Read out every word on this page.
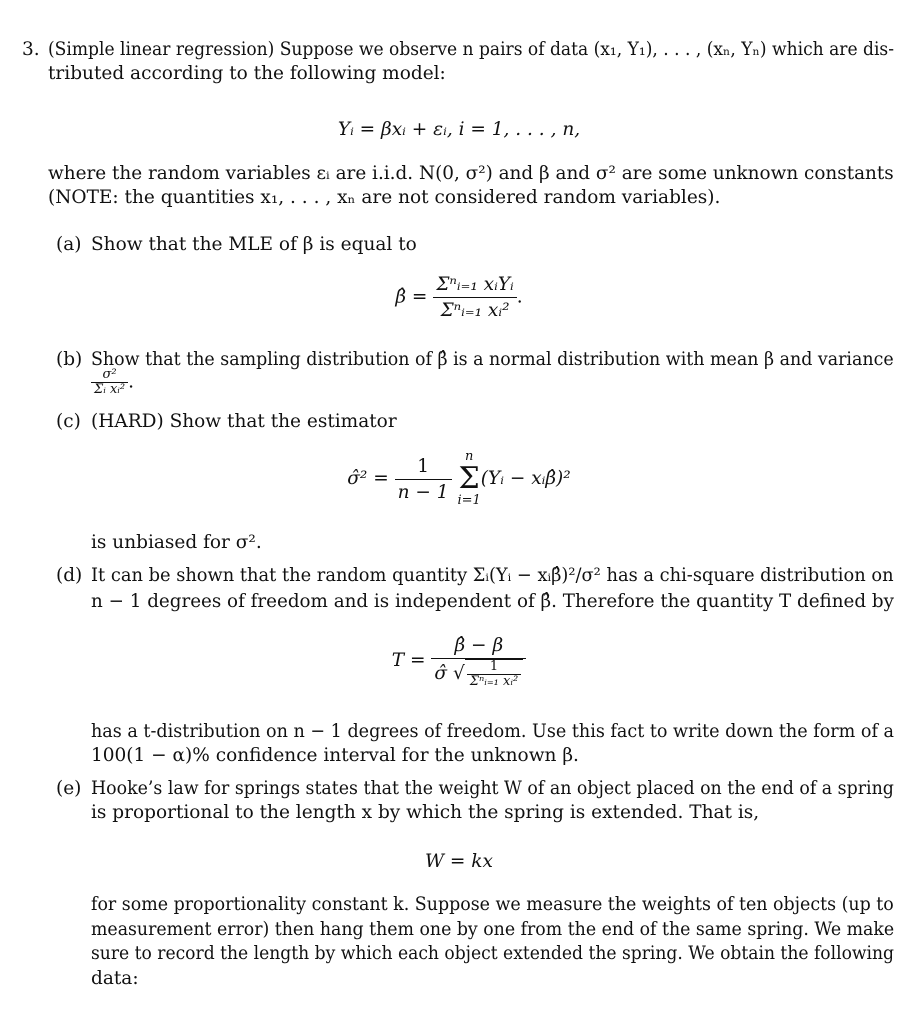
3. (Simple linear regression) Suppose we observe n pairs of data (x₁, Y₁), . . . , (xₙ, Yₙ) which are dis-
tributed according to the following model:
Yᵢ = βxᵢ + εᵢ, i = 1, . . . , n,
where the random variables εᵢ are i.i.d. N(0, σ²) and β and σ² are some unknown constants
(NOTE: the quantities x₁, . . . , xₙ are not considered random variables).
(a) Show that the MLE of β is equal to
β̂ = $\frac{\text{Σⁿᵢ₌₁ xᵢYᵢ}}{\text{Σⁿᵢ₌₁ xᵢ²}}$ .
(b) Show that the sampling distribution of β̂ is a normal distribution with mean β and variance
$\frac{\text{σ²}}{\text{Σᵢ xᵢ²}}$ .
(c) (HARD) Show that the estimator
σ̂² = $\frac{1}{n - 1}$
	n
Σ
i=1
(Yᵢ − xᵢβ̂)²
is unbiased for σ².
(d) It can be shown that the random quantity Σᵢ(Yᵢ − xᵢβ̂)²/σ² has a chi-square distribution on
n − 1 degrees of freedom and is independent of β̂. Therefore the quantity T defined by
$T = \frac{\betâ - \beta}{\sigmâ √ \frac{1}{\text{Σⁿᵢ₌₁ xᵢ²}}}$
has a t-distribution on n − 1 degrees of freedom. Use this fact to write down the form of a
100(1 − α)% confidence interval for the unknown β.
(e) Hooke’s law for springs states that the weight W of an object placed on the end of a spring
is proportional to the length x by which the spring is extended. That is,
W = kx
for some proportionality constant k. Suppose we measure the weights of ten objects (up to
measurement error) then hang them one by one from the end of the same spring. We make
sure to record the length by which each object extended the spring. We obtain the following
data:
